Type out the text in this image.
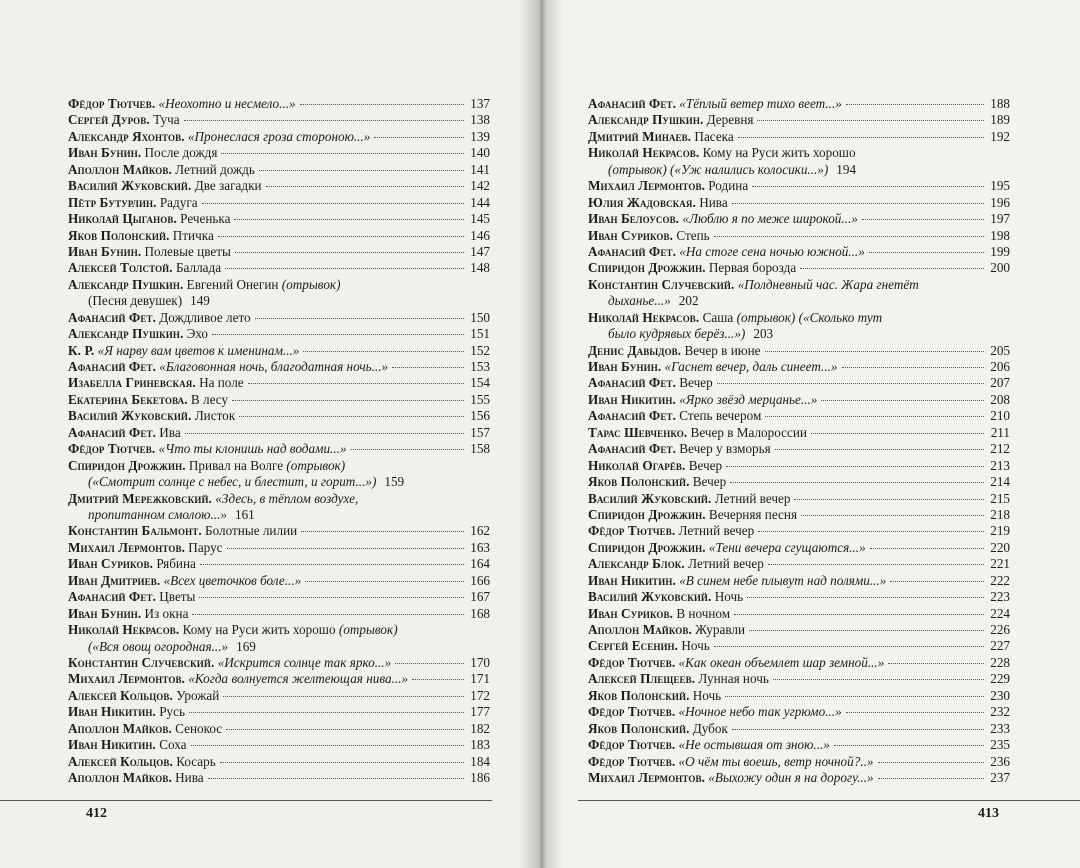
Фёдор Тютчев. «Неохотно и несмело...»	137
Сергей Дуров. Туча	138
Александр Яхонтов. «Пронеслася гроза стороною...»	139
Иван Бунин. После дождя	140
Аполлон Майков. Летний дождь	141
Василий Жуковский. Две загадки	142
Пётр Бутурлин. Радуга	144
Николай Цыганов. Реченька	145
Яков Полонский. Птичка	146
Иван Бунин. Полевые цветы	147
Алексей Толстой. Баллада	148
Александр Пушкин. Евгений Онегин (отрывок)
(Песня девушек) 149
Афанасий Фет. Дождливое лето	150
Александр Пушкин. Эхо	151
К. Р. «Я нарву вам цветов к именинам...»	152
Афанасий Фет. «Благовонная ночь, благодатная ночь...»	153
Изабелла Гриневская. На поле	154
Екатерина Бекетова. В лесу	155
Василий Жуковский. Листок	156
Афанасий Фет. Ива	157
Фёдор Тютчев. «Что ты клонишь над водами...»	158
Спиридон Дрожжин. Привал на Волге (отрывок)
(«Смотрит солнце с небес, и блестит, и горит...») 159
Дмитрий Мережковский. «Здесь, в тёплом воздухе,
пропитанном смолою...» 161
Константин Бальмонт. Болотные лилии	162
Михаил Лермонтов. Парус	163
Иван Суриков. Рябина	164
Иван Дмитриев. «Всех цветочков боле...»	166
Афанасий Фет. Цветы	167
Иван Бунин. Из окна	168
Николай Некрасов. Кому на Руси жить хорошо (отрывок)
(«Вся овощ огородная...» 169
Константин Случевский. «Искрится солнце так ярко...»	170
Михаил Лермонтов. «Когда волнуется желтеющая нива...»	171
Алексей Кольцов. Урожай	172
Иван Никитин. Русь	177
Аполлон Майков. Сенокос	182
Иван Никитин. Соха	183
Алексей Кольцов. Косарь	184
Аполлон Майков. Нива	186
412
Афанасий Фет. «Тёплый ветер тихо веет...»	188
Александр Пушкин. Деревня	189
Дмитрий Минаев. Пасека	192
Николай Некрасов. Кому на Руси жить хорошо
(отрывок) («Уж налились колосики...») 194
Михаил Лермонтов. Родина	195
Юлия Жадовская. Нива	196
Иван Белоусов. «Люблю я по меже широкой...»	197
Иван Суриков. Степь	198
Афанасий Фет. «На стоге сена ночью южной...»	199
Спиридон Дрожжин. Первая борозда	200
Константин Случевский. «Полдневный час. Жара гнетёт
дыханье...» 202
Николай Некрасов. Саша (отрывок) («Сколько тут
было кудрявых берёз...») 203
Денис Давыдов. Вечер в июне	205
Иван Бунин. «Гаснет вечер, даль синеет...»	206
Афанасий Фет. Вечер	207
Иван Никитин. «Ярко звёзд мерцанье...»	208
Афанасий Фет. Степь вечером	210
Тарас Шевченко. Вечер в Малороссии	211
Афанасий Фет. Вечер у взморья	212
Николай Огарёв. Вечер	213
Яков Полонский. Вечер	214
Василий Жуковский. Летний вечер	215
Спиридон Дрожжин. Вечерняя песня	218
Фёдор Тютчев. Летний вечер	219
Спиридон Дрожжин. «Тени вечера сгущаются...»	220
Александр Блок. Летний вечер	221
Иван Никитин. «В синем небе плывут над полями...»	222
Василий Жуковский. Ночь	223
Иван Суриков. В ночном	224
Аполлон Майков. Журавли	226
Сергей Есенин. Ночь	227
Фёдор Тютчев. «Как океан объемлет шар земной...»	228
Алексей Плещеев. Лунная ночь	229
Яков Полонский. Ночь	230
Фёдор Тютчев. «Ночное небо так угрюмо...»	232
Яков Полонский. Дубок	233
Фёдор Тютчев. «Не остывшая от зною...»	235
Фёдор Тютчев. «О чём ты воешь, ветр ночной?..»	236
Михаил Лермонтов. «Выхожу один я на дорогу...»	237
413
